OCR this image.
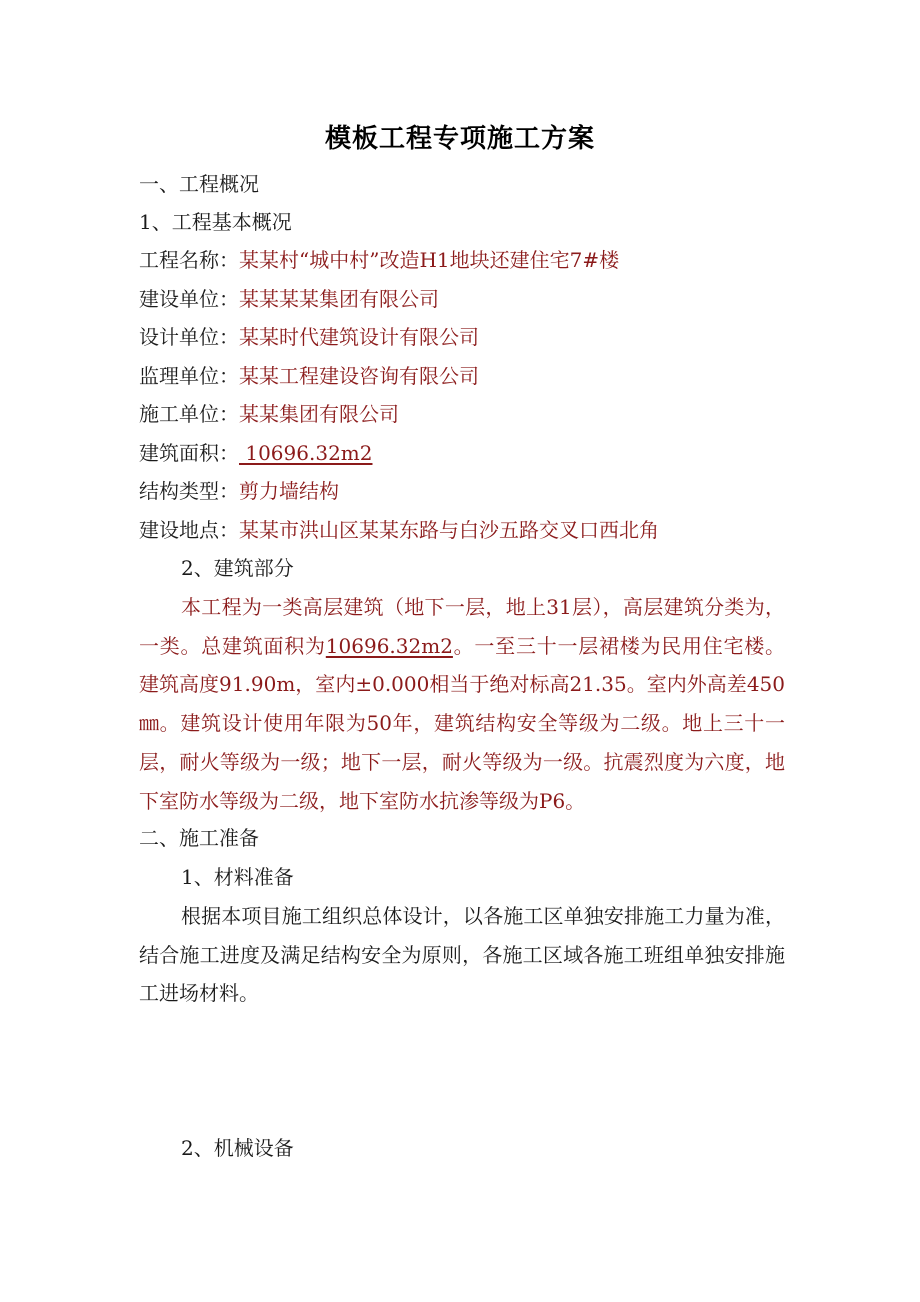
模板工程专项施工方案
一、工程概况
1、工程基本概况
工程名称：某某村“城中村”改造H1地块还建住宅7#楼
建设单位：某某某某集团有限公司
设计单位：某某时代建筑设计有限公司
监理单位：某某工程建设咨询有限公司
施工单位：某某集团有限公司
建筑面积： 10696.32m2
结构类型：剪力墙结构
建设地点：某某市洪山区某某东路与白沙五路交叉口西北角
2、建筑部分
本工程为一类高层建筑（地下一层，地上31层），高层建筑分类为，一类。总建筑面积为10696.32m2。一至三十一层裙楼为民用住宅楼。建筑高度91.90m，室内±0.000相当于绝对标高21.35。室内外高差450㎜。建筑设计使用年限为50年，建筑结构安全等级为二级。地上三十一层，耐火等级为一级；地下一层，耐火等级为一级。抗震烈度为六度，地下室防水等级为二级，地下室防水抗渗等级为P6。
二、施工准备
1、材料准备
根据本项目施工组织总体设计，以各施工区单独安排施工力量为准，结合施工进度及满足结构安全为原则，各施工区域各施工班组单独安排施工进场材料。
2、机械设备
